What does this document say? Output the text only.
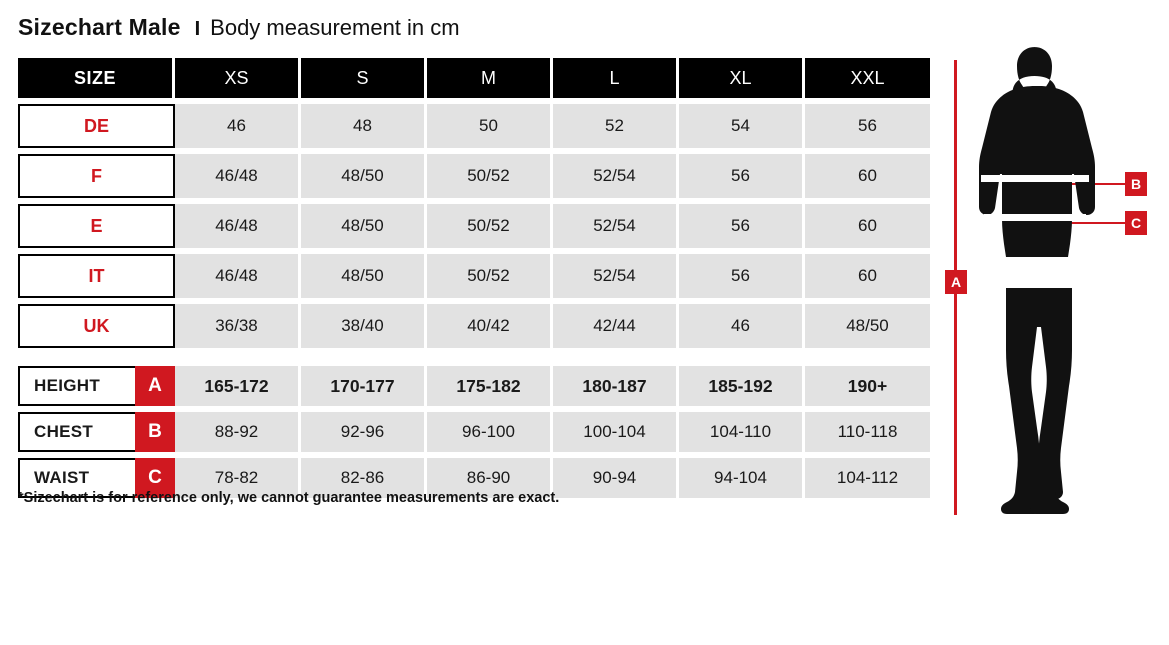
Sizechart Male I Body measurement in cm
SIZE	XS	S	M	L	XL	XXL

DE	46	48	50	52	54	56

F	46/48	48/50	50/52	52/54	56	60

E	46/48	48/50	50/52	52/54	56	60

IT	46/48	48/50	50/52	52/54	56	60

UK	36/38	38/40	40/42	42/44	46	48/50

HEIGHT A	165-172	170-177	175-182	180-187	185-192	190+

CHEST B	88-92	92-96	96-100	100-104	104-110	110-118

WAIST C	78-82	82-86	86-90	90-94	94-104	104-112
*Sizechart is for reference only, we cannot guarantee measurements are exact.
A
B
C
